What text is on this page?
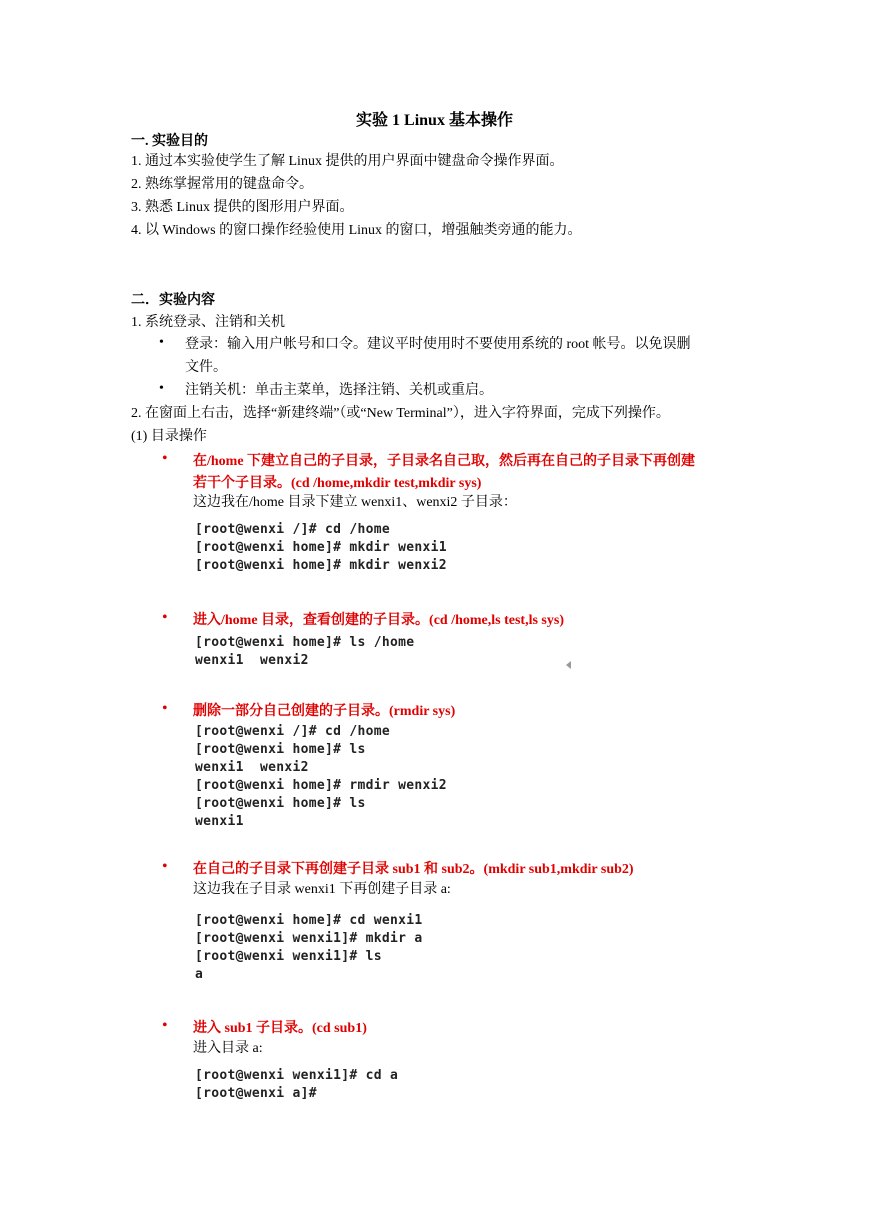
实验 1 Linux 基本操作
一. 实验目的
1. 通过本实验使学生了解 Linux 提供的用户界面中键盘命令操作界面。
2. 熟练掌握常用的键盘命令。
3. 熟悉 Linux 提供的图形用户界面。
4. 以 Windows 的窗口操作经验使用 Linux 的窗口，增强触类旁通的能力。
二．实验内容
1. 系统登录、注销和关机
• 登录：输入用户帐号和口令。建议平时使用时不要使用系统的 root 帐号。以免误删
文件。
• 注销关机：单击主菜单，选择注销、关机或重启。
2. 在窗面上右击，选择“新建终端”（或“New Terminal”），进入字符界面，完成下列操作。
(1) 目录操作
• 在/home 下建立自己的子目录，子目录名自己取，然后再在自己的子目录下再创建
若干个子目录。(cd /home,mkdir test,mkdir sys)
这边我在/home 目录下建立 wenxi1、wenxi2 子目录：
[root@wenxi /]# cd /home
[root@wenxi home]# mkdir wenxi1
[root@wenxi home]# mkdir wenxi2
• 进入/home 目录，查看创建的子目录。(cd /home,ls test,ls sys)
[root@wenxi home]# ls /home
wenxi1  wenxi2
• 删除一部分自己创建的子目录。(rmdir sys)
[root@wenxi /]# cd /home
[root@wenxi home]# ls
wenxi1  wenxi2
[root@wenxi home]# rmdir wenxi2
[root@wenxi home]# ls
wenxi1
• 在自己的子目录下再创建子目录 sub1 和 sub2。(mkdir sub1,mkdir sub2)
这边我在子目录 wenxi1 下再创建子目录 a:
[root@wenxi home]# cd wenxi1
[root@wenxi wenxi1]# mkdir a
[root@wenxi wenxi1]# ls
a
• 进入 sub1 子目录。(cd sub1)
进入目录 a:
[root@wenxi wenxi1]# cd a
[root@wenxi a]#
